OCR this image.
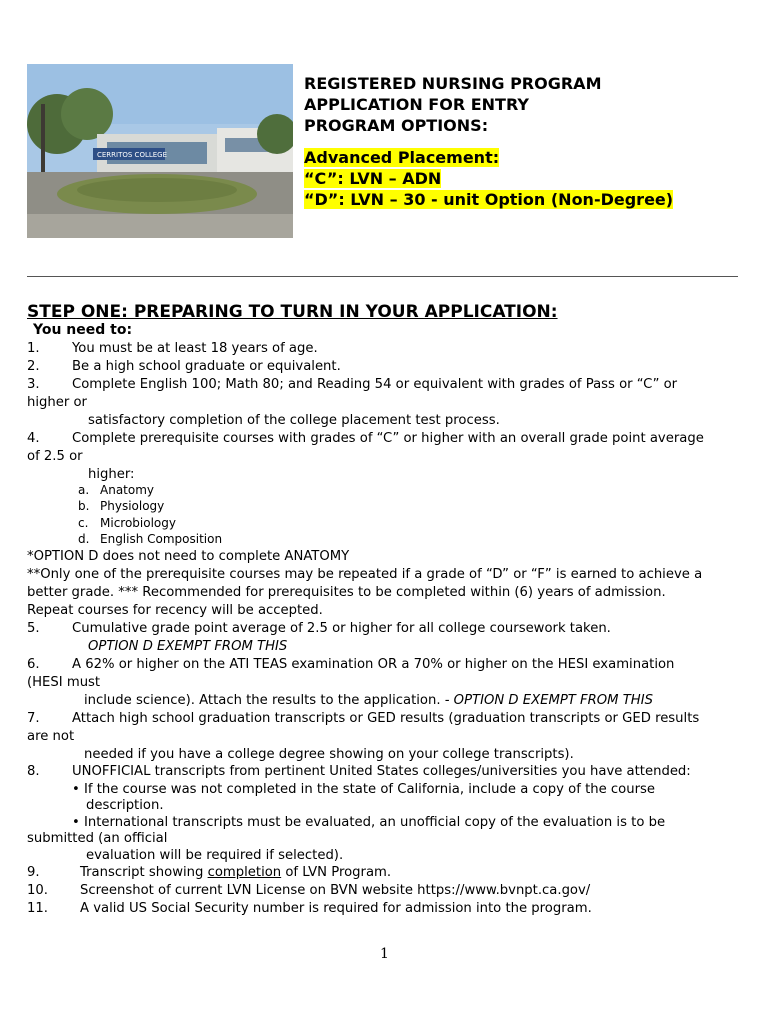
CERRITOS COLLEGE
REGISTERED NURSING PROGRAM
APPLICATION FOR ENTRY
PROGRAM OPTIONS:
Advanced Placement:
“C”: LVN – ADN
“D”: LVN – 30 - unit Option (Non-Degree)
STEP ONE: PREPARING TO TURN IN YOUR APPLICATION:
You need to:
1. You must be at least 18 years of age.
2. Be a high school graduate or equivalent.
3. Complete English 100; Math 80; and Reading 54 or equivalent with grades of Pass or “C” or
higher or
satisfactory completion of the college placement test process.
4. Complete prerequisite courses with grades of “C” or higher with an overall grade point average
of 2.5 or
higher:
a. Anatomy
b. Physiology
c. Microbiology
d. English Composition
*OPTION D does not need to complete ANATOMY
**Only one of the prerequisite courses may be repeated if a grade of “D” or “F” is earned to achieve a
better grade. *** Recommended for prerequisites to be completed within (6) years of admission.
Repeat courses for recency will be accepted.
5. Cumulative grade point average of 2.5 or higher for all college coursework taken.
OPTION D EXEMPT FROM THIS
6. A 62% or higher on the ATI TEAS examination OR a 70% or higher on the HESI examination
(HESI must
include science). Attach the results to the application. - OPTION D EXEMPT FROM THIS
7. Attach high school graduation transcripts or GED results (graduation transcripts or GED results
are not
needed if you have a college degree showing on your college transcripts).
8. UNOFFICIAL transcripts from pertinent United States colleges/universities you have attended:
• If the course was not completed in the state of California, include a copy of the course
description.
• International transcripts must be evaluated, an unofficial copy of the evaluation is to be
submitted (an official
evaluation will be required if selected).
9.	Transcript showing completion of LVN Program.
10. Screenshot of current LVN License on BVN website https://www.bvnpt.ca.gov/
11. A valid US Social Security number is required for admission into the program.
1
